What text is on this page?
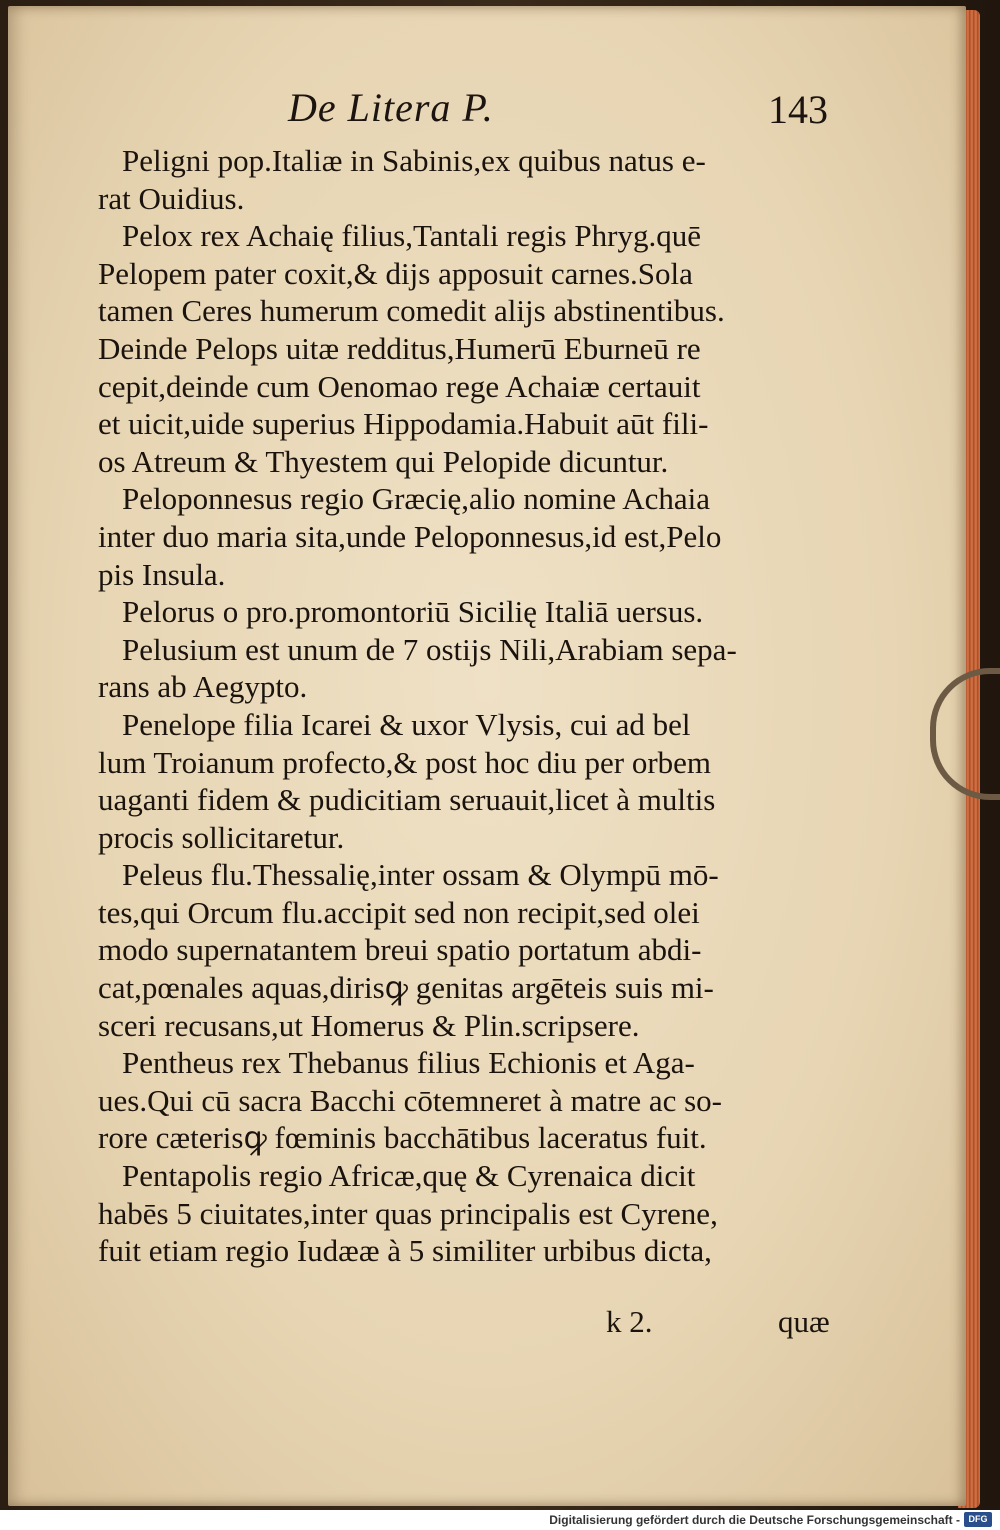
De Litera P.	143
Peligni pop.Italiæ in Sabinis,ex quibus natus e-
rat Ouidius.
Pelox rex Achaię filius,Tantali regis Phryg.quē
Pelopem pater coxit,& dijs apposuit carnes.Sola
tamen Ceres humerum comedit alijs abstinentibus.
Deinde Pelops uitæ redditus,Humerū Eburneū re
cepit,deinde cum Oenomao rege Achaiæ certauit
et uicit,uide superius Hippodamia.Habuit aūt fili-
os Atreum & Thyestem qui Pelopide dicuntur.
Peloponnesus regio Græcię,alio nomine Achaia
inter duo maria sita,unde Peloponnesus,id est,Pelo
pis Insula.
Pelorus o pro.promontoriū Sicilię Italiā uersus.
Pelusium est unum de 7 ostijs Nili,Arabiam sepa-
rans ab Aegypto.
Penelope filia Icarei & uxor Vlysis, cui ad bel
lum Troianum profecto,& post hoc diu per orbem
uaganti fidem & pudicitiam seruauit,licet à multis
procis sollicitaretur.
Peleus flu.Thessalię,inter ossam & Olympū mō-
tes,qui Orcum flu.accipit sed non recipit,sed olei
modo supernatantem breui spatio portatum abdi-
cat,pœnales aquas,dirisꝙ genitas argēteis suis mi-
sceri recusans,ut Homerus & Plin.scripsere.
Pentheus rex Thebanus filius Echionis et Aga-
ues.Qui cū sacra Bacchi cōtemneret à matre ac so-
rore cæterisꝙ fœminis bacchātibus laceratus fuit.
Pentapolis regio Africæ,quę & Cyrenaica dicit
habēs 5 ciuitates,inter quas principalis est Cyrene,
fuit etiam regio Iudææ à 5 similiter urbibus dicta,
k 2.	quæ
Digitalisierung gefördert durch die Deutsche Forschungsgemeinschaft - DFG
